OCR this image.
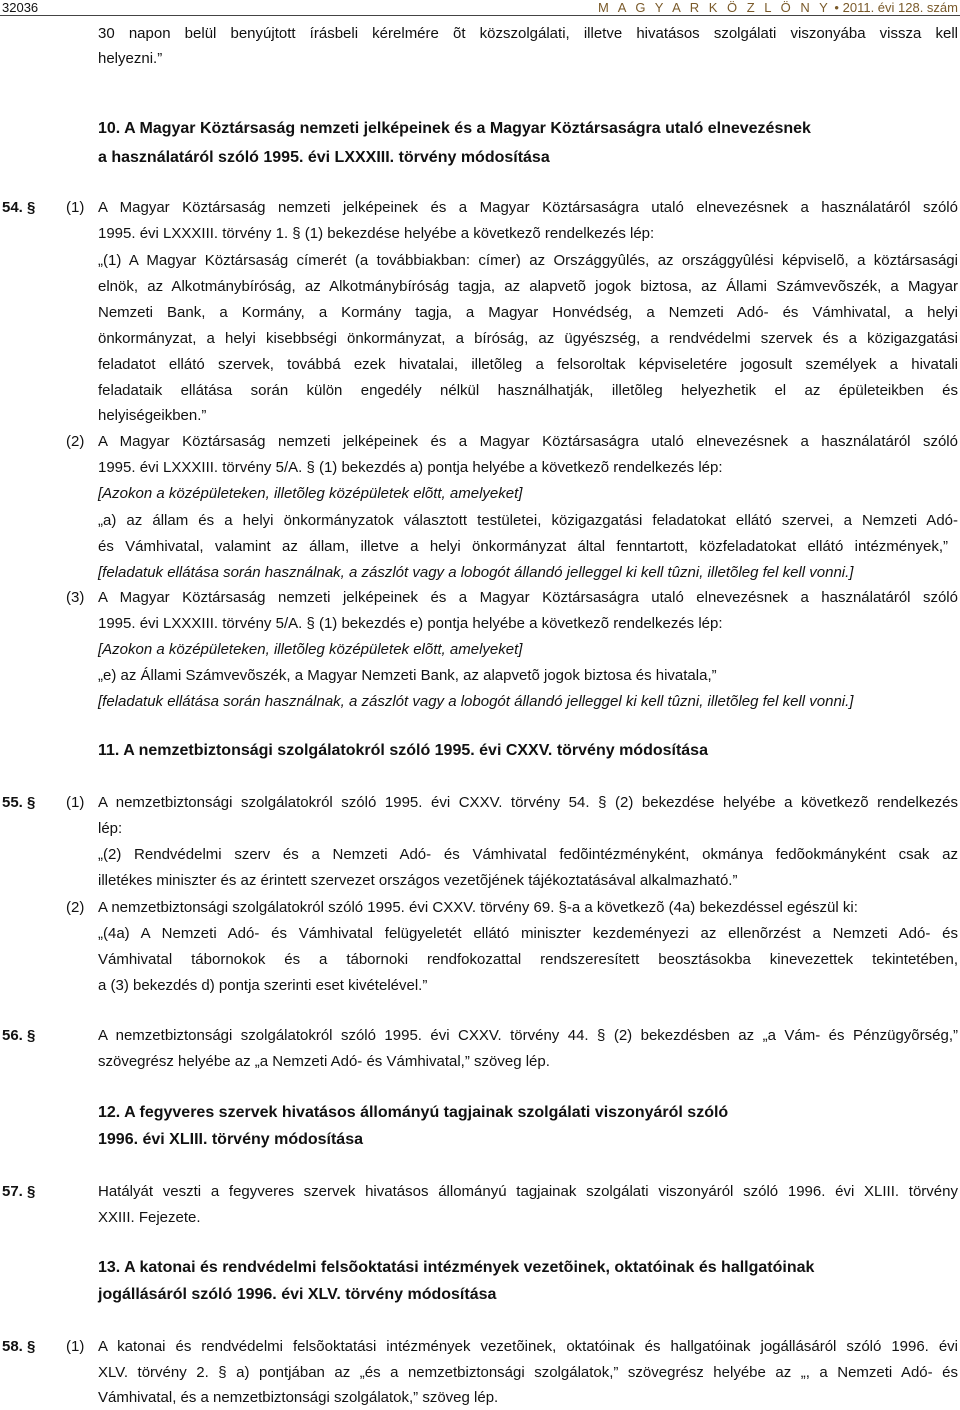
32036	M A G Y A R K Ö Z L Ö N Y • 2011. évi 128. szám
30 napon belül benyújtott írásbeli kérelmére õt közszolgálati, illetve hivatásos szolgálati viszonyába vissza kell
helyezni.”
10. A Magyar Köztársaság nemzeti jelképeinek és a Magyar Köztársaságra utaló elnevezésnek
a használatáról szóló 1995. évi LXXXIII. törvény módosítása
54. § (1) A Magyar Köztársaság nemzeti jelképeinek és a Magyar Köztársaságra utaló elnevezésnek a használatáról szóló
1995. évi LXXXIII. törvény 1. § (1) bekezdése helyébe a következõ rendelkezés lép:
„(1) A Magyar Köztársaság címerét (a továbbiakban: címer) az Országgyûlés, az országgyûlési képviselõ, a köztársasági
elnök, az Alkotmánybíróság, az Alkotmánybíróság tagja, az alapvetõ jogok biztosa, az Állami Számvevõszék, a Magyar
Nemzeti Bank, a Kormány, a Kormány tagja, a Magyar Honvédség, a Nemzeti Adó- és Vámhivatal, a helyi
önkormányzat, a helyi kisebbségi önkormányzat, a bíróság, az ügyészség, a rendvédelmi szervek és a közigazgatási
feladatot ellátó szervek, továbbá ezek hivatalai, illetõleg a felsoroltak képviseletére jogosult személyek a hivatali
feladataik ellátása során külön engedély nélkül használhatják, illetõleg helyezhetik el az épületeikben és
helyiségeikben.”
(2) A Magyar Köztársaság nemzeti jelképeinek és a Magyar Köztársaságra utaló elnevezésnek a használatáról szóló
1995. évi LXXXIII. törvény 5/A. § (1) bekezdés a) pontja helyébe a következõ rendelkezés lép:
[Azokon a középületeken, illetõleg középületek elõtt, amelyeket]
„a) az állam és a helyi önkormányzatok választott testületei, közigazgatási feladatokat ellátó szervei, a Nemzeti Adó-
és Vámhivatal, valamint az állam, illetve a helyi önkormányzat által fenntartott, közfeladatokat ellátó intézmények,”
[feladatuk ellátása során használnak, a zászlót vagy a lobogót állandó jelleggel ki kell tûzni, illetõleg fel kell vonni.]
(3) A Magyar Köztársaság nemzeti jelképeinek és a Magyar Köztársaságra utaló elnevezésnek a használatáról szóló
1995. évi LXXXIII. törvény 5/A. § (1) bekezdés e) pontja helyébe a következõ rendelkezés lép:
[Azokon a középületeken, illetõleg középületek elõtt, amelyeket]
„e) az Állami Számvevõszék, a Magyar Nemzeti Bank, az alapvetõ jogok biztosa és hivatala,”
[feladatuk ellátása során használnak, a zászlót vagy a lobogót állandó jelleggel ki kell tûzni, illetõleg fel kell vonni.]
11. A nemzetbiztonsági szolgálatokról szóló 1995. évi CXXV. törvény módosítása
55. § (1) A nemzetbiztonsági szolgálatokról szóló 1995. évi CXXV. törvény 54. § (2) bekezdése helyébe a következõ rendelkezés
lép:
„(2) Rendvédelmi szerv és a Nemzeti Adó- és Vámhivatal fedõintézményként, okmánya fedõokmányként csak az
illetékes miniszter és az érintett szervezet országos vezetõjének tájékoztatásával alkalmazható.”
(2) A nemzetbiztonsági szolgálatokról szóló 1995. évi CXXV. törvény 69. §-a a következõ (4a) bekezdéssel egészül ki:
„(4a) A Nemzeti Adó- és Vámhivatal felügyeletét ellátó miniszter kezdeményezi az ellenõrzést a Nemzeti Adó- és
Vámhivatal tábornokok és a tábornoki rendfokozattal rendszeresített beosztásokba kinevezettek tekintetében,
a (3) bekezdés d) pontja szerinti eset kivételével.”
56. §	A nemzetbiztonsági szolgálatokról szóló 1995. évi CXXV. törvény 44. § (2) bekezdésben az „a Vám- és Pénzügyõrség,”
szövegrész helyébe az „a Nemzeti Adó- és Vámhivatal,” szöveg lép.
12. A fegyveres szervek hivatásos állományú tagjainak szolgálati viszonyáról szóló
1996. évi XLIII. törvény módosítása
57. §	Hatályát veszti a fegyveres szervek hivatásos állományú tagjainak szolgálati viszonyáról szóló 1996. évi XLIII. törvény
XXIII. Fejezete.
13. A katonai és rendvédelmi felsõoktatási intézmények vezetõinek, oktatóinak és hallgatóinak
jogállásáról szóló 1996. évi XLV. törvény módosítása
58. § (1) A katonai és rendvédelmi felsõoktatási intézmények vezetõinek, oktatóinak és hallgatóinak jogállásáról szóló 1996. évi
XLV. törvény 2. § a) pontjában az „és a nemzetbiztonsági szolgálatok,” szövegrész helyébe az „, a Nemzeti Adó- és
Vámhivatal, és a nemzetbiztonsági szolgálatok,” szöveg lép.
